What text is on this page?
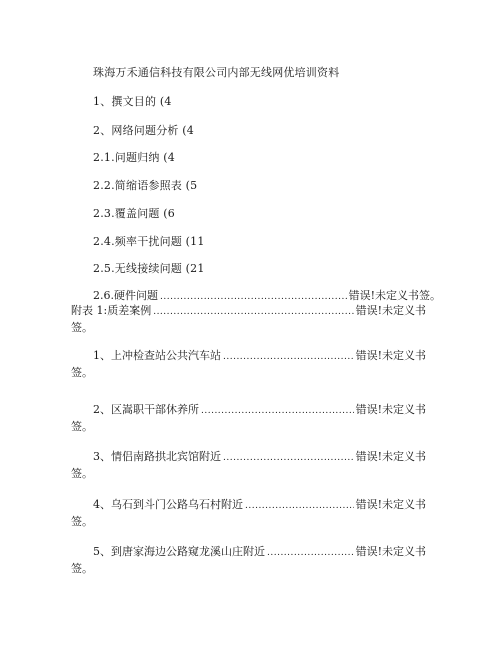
珠海万禾通信科技有限公司内部无线网优培训资料
1、撰文目的 (4
2、网络问题分析 (4
2.1.问题归纳 (4
2.2.简缩语参照表 (5
2.3.覆盖问题 (6
2.4.频率干扰问题 (11
2.5.无线接续问题 (21
2.6.硬件问题 .....	错误!未定义书签。
附表 1:质差案例 .....	错误!未定义书
签。
1、上冲检查站公共汽车站 .....	错误!未定义书
签。
2、区嵩职干部休养所 .....	错误!未定义书
签。
3、情侣南路拱北宾馆附近 .....	错误!未定义书
签。
4、乌石到斗门公路乌石村附近 .....	错误!未定义书
签。
5、到唐家海边公路窥龙溪山庄附近 .....	错误!未定义书
签。
